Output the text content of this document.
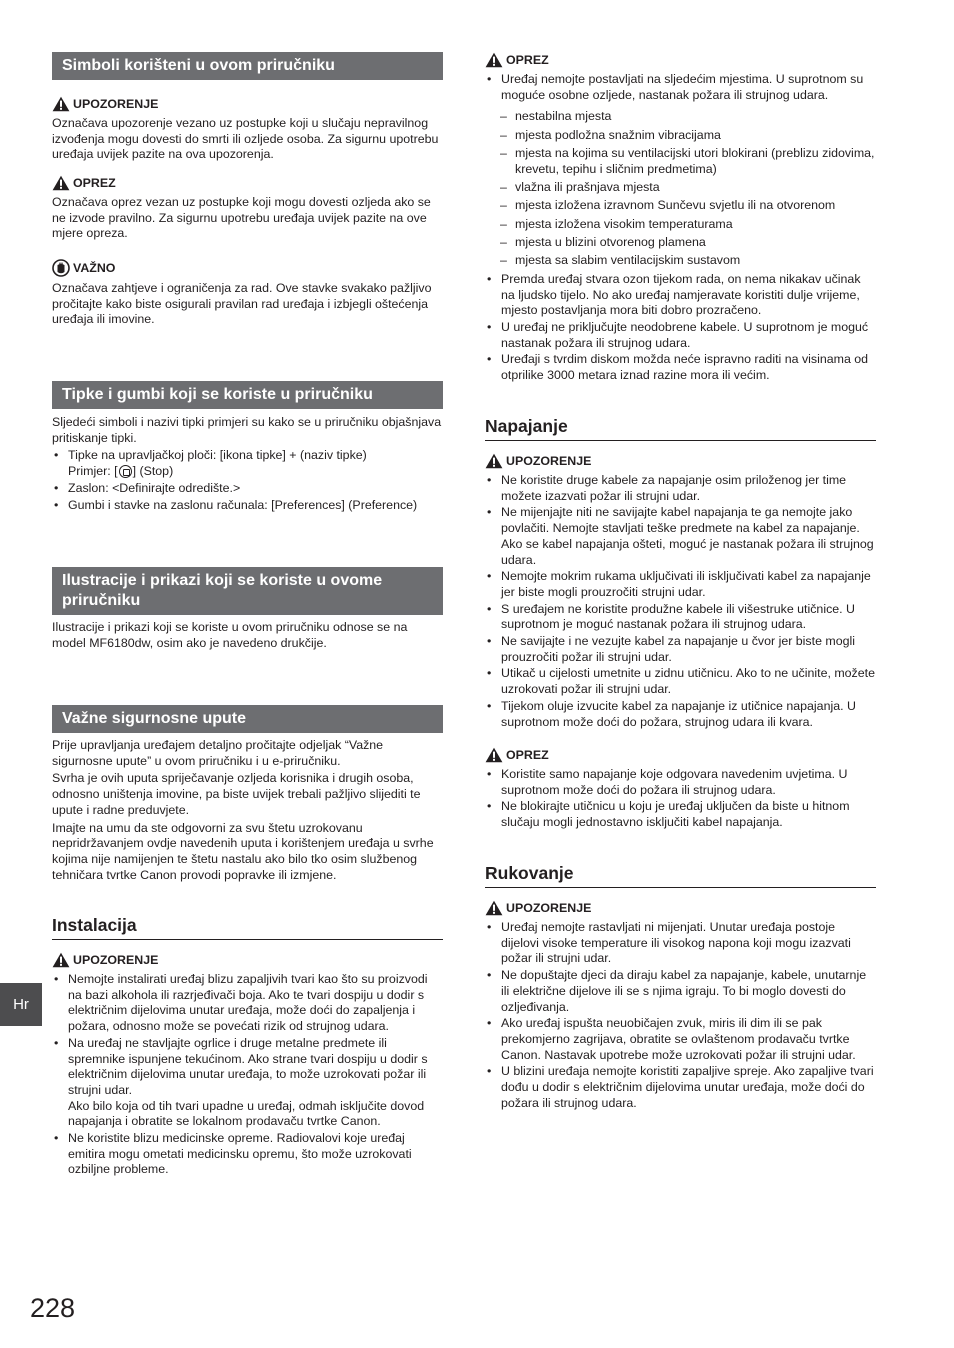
Simboli korišteni u ovom priručniku
UPOZORENJE

Označava upozorenje vezano uz postupke koji u slučaju nepravilnog izvođenja mogu dovesti do smrti ili ozljede osoba. Za sigurnu upotrebu uređaja uvijek pazite na ova upozorenja.

OPREZ

Označava oprez vezan uz postupke koji mogu dovesti ozljeda ako se ne izvode pravilno. Za sigurnu upotrebu uređaja uvijek pazite na ove mjere opreza.

VAŽNO

Označava zahtjeve i ograničenja za rad. Ove stavke svakako pažljivo pročitajte kako biste osigurali pravilan rad uređaja i izbjegli oštećenja uređaja ili imovine.

Tipke i gumbi koji se koriste u priručniku

Sljedeći simboli i nazivi tipki primjeri su kako se u priručniku objašnjava pritiskanje tipki.

• Tipke na upravljačkoj ploči: [ikona tipke] + (naziv tipke)
Primjer: [ ] (Stop)
• Zaslon: <Definirajte odredište.>
• Gumbi i stavke na zaslonu računala: [Preferences] (Preference)
Ilustracije i prikazi koji se koriste u ovome priručniku

Ilustracije i prikazi koji se koriste u ovom priručniku odnose se na model MF6180dw, osim ako je navedeno drukčije.

Važne sigurnosne upute

Prije upravljanja uređajem detaljno pročitajte odjeljak “Važne sigurnosne upute” u ovom priručniku i u e-priručniku.

Svrha je ovih uputa spriječavanje ozljeda korisnika i drugih osoba, odnosno uništenja imovine, pa biste uvijek trebali pažljivo slijediti te upute i radne preduvjete.

Imajte na umu da ste odgovorni za svu štetu uzrokovanu nepridržavanjem ovdje navedenih uputa i korištenjem uređaja u svrhe kojima nije namijenjen te štetu nastalu ako bilo tko osim službenog tehničara tvrtke Canon provodi popravke ili izmjene.

Instalacija
UPOZORENJE
• Nemojte instalirati uređaj blizu zapaljivih tvari kao što su proizvodi na bazi alkohola ili razrjeđivači boja. Ako te tvari dospiju u dodir s električnim dijelovima unutar uređaja, može doći do zapaljenja i požara, odnosno može se povećati rizik od strujnog udara.
• Na uređaj ne stavljajte ogrlice i druge metalne predmete ili spremnike ispunjene tekućinom. Ako strane tvari dospiju u dodir s električnim dijelovima unutar uređaja, to može uzrokovati požar ili strujni udar.
Ako bilo koja od tih tvari upadne u uređaj, odmah isključite dovod napajanja i obratite se lokalnom prodavaču tvrtke Canon.
• Ne koristite blizu medicinske opreme. Radiovalovi koje uređaj emitira mogu ometati medicinsku opremu, što može uzrokovati ozbiljne probleme.
OPREZ
• Uređaj nemojte postavljati na sljedećim mjestima. U suprotnom su moguće osobne ozljede, nastanak požara ili strujnog udara.
– nestabilna mjesta
– mjesta podložna snažnim vibracijama
– mjesta na kojima su ventilacijski utori blokirani (preblizu zidovima, krevetu, tepihu i sličnim predmetima)
– vlažna ili prašnjava mjesta
– mjesta izložena izravnom Sunčevu svjetlu ili na otvorenom
– mjesta izložena visokim temperaturama
– mjesta u blizini otvorenog plamena
– mjesta sa slabim ventilacijskim sustavom
• Premda uređaj stvara ozon tijekom rada, on nema nikakav učinak na ljudsko tijelo. No ako uređaj namjeravate koristiti dulje vrijeme, mjesto postavljanja mora biti dobro prozračeno.
• U uređaj ne priključujte neodobrene kabele. U suprotnom je moguć nastanak požara ili strujnog udara.
• Uređaji s tvrdim diskom možda neće ispravno raditi na visinama od otprilike 3000 metara iznad razine mora ili većim.
Napajanje
UPOZORENJE
• Ne koristite druge kabele za napajanje osim priloženog jer time možete izazvati požar ili strujni udar.
• Ne mijenjajte niti ne savijajte kabel napajanja te ga nemojte jako povlačiti. Nemojte stavljati teške predmete na kabel za napajanje. Ako se kabel napajanja ošteti, moguć je nastanak požara ili strujnog udara.
• Nemojte mokrim rukama uključivati ili isključivati kabel za napajanje jer biste mogli prouzročiti strujni udar.
• S uređajem ne koristite produžne kabele ili višestruke utičnice. U suprotnom je moguć nastanak požara ili strujnog udara.
• Ne savijajte i ne vezujte kabel za napajanje u čvor jer biste mogli prouzročiti požar ili strujni udar.
• Utikač u cijelosti umetnite u zidnu utičnicu. Ako to ne učinite, možete uzrokovati požar ili strujni udar.
• Tijekom oluje izvucite kabel za napajanje iz utičnice napajanja. U suprotnom može doći do požara, strujnog udara ili kvara.
OPREZ
• Koristite samo napajanje koje odgovara navedenim uvjetima. U suprotnom može doći do požara ili strujnog udara.
• Ne blokirajte utičnicu u koju je uređaj uključen da biste u hitnom slučaju mogli jednostavno isključiti kabel napajanja.
Rukovanje
UPOZORENJE
• Uređaj nemojte rastavljati ni mijenjati. Unutar uređaja postoje dijelovi visoke temperature ili visokog napona koji mogu izazvati požar ili strujni udar.
• Ne dopuštajte djeci da diraju kabel za napajanje, kabele, unutarnje ili električne dijelove ili se s njima igraju. To bi moglo dovesti do ozljeđivanja.
• Ako uređaj ispušta neuobičajen zvuk, miris ili dim ili se pak prekomjerno zagrijava, obratite se ovlaštenom prodavaču tvrtke Canon. Nastavak upotrebe može uzrokovati požar ili strujni udar.
• U blizini uređaja nemojte koristiti zapaljive spreje. Ako zapaljive tvari dođu u dodir s električnim dijelovima unutar uređaja, može doći do požara ili strujnog udara.
Hr
228
